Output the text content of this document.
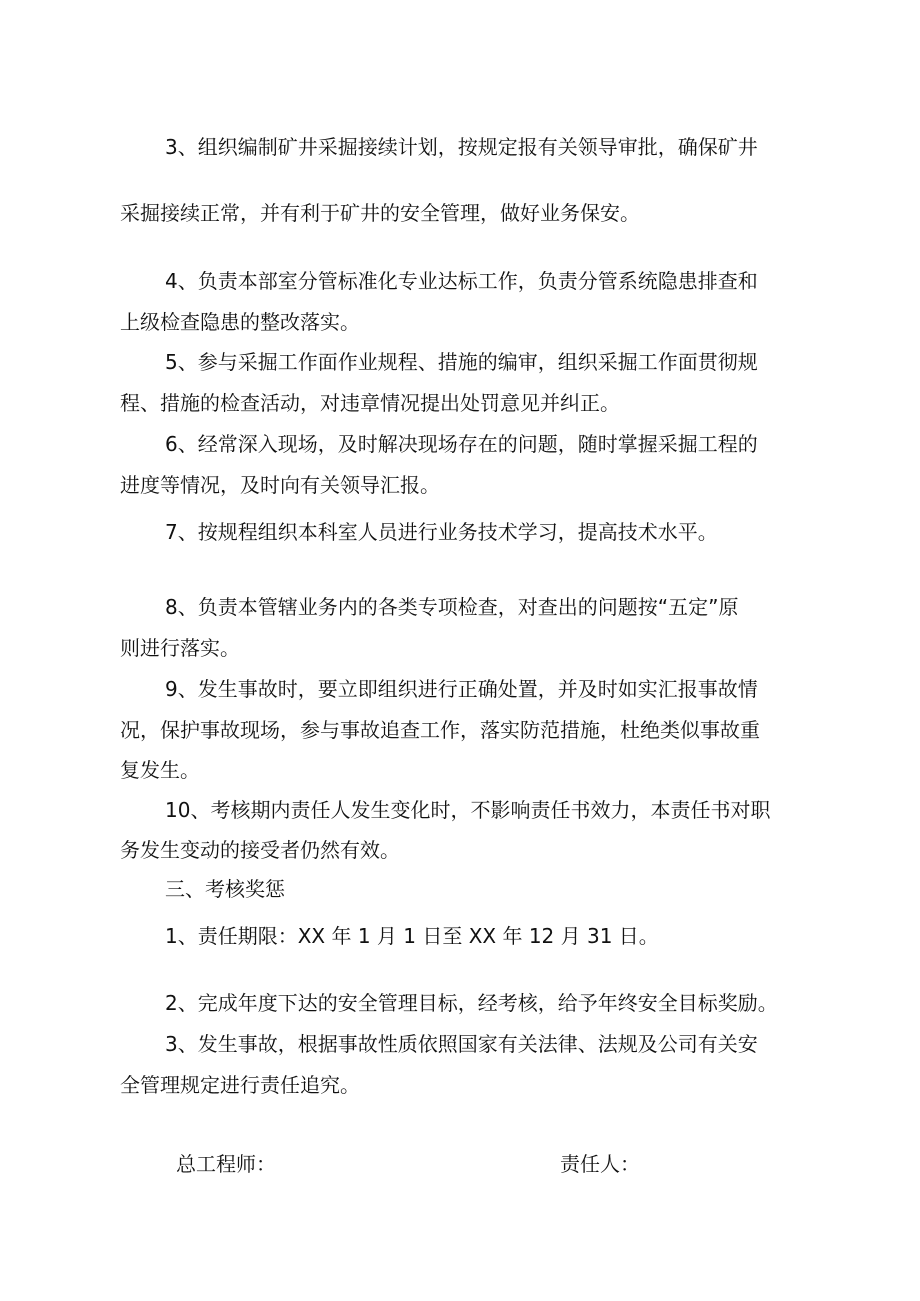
3、组织编制矿井采掘接续计划，按规定报有关领导审批，确保矿井
采掘接续正常，并有利于矿井的安全管理，做好业务保安。
4、负责本部室分管标准化专业达标工作，负责分管系统隐患排查和
上级检查隐患的整改落实。
5、参与采掘工作面作业规程、措施的编审，组织采掘工作面贯彻规
程、措施的检查活动，对违章情况提出处罚意见并纠正。
6、经常深入现场，及时解决现场存在的问题，随时掌握采掘工程的
进度等情况，及时向有关领导汇报。
7、按规程组织本科室人员进行业务技术学习，提高技术水平。
8、负责本管辖业务内的各类专项检查，对查出的问题按“五定”原
则进行落实。
9、发生事故时，要立即组织进行正确处置，并及时如实汇报事故情
况，保护事故现场，参与事故追查工作，落实防范措施，杜绝类似事故重
复发生。
10、考核期内责任人发生变化时，不影响责任书效力，本责任书对职
务发生变动的接受者仍然有效。
三、考核奖惩
1、责任期限：XX 年 1 月 1 日至 XX 年 12 月 31 日。
2、完成年度下达的安全管理目标，经考核，给予年终安全目标奖励。
3、发生事故，根据事故性质依照国家有关法律、法规及公司有关安
全管理规定进行责任追究。
总工程师：	责任人：
